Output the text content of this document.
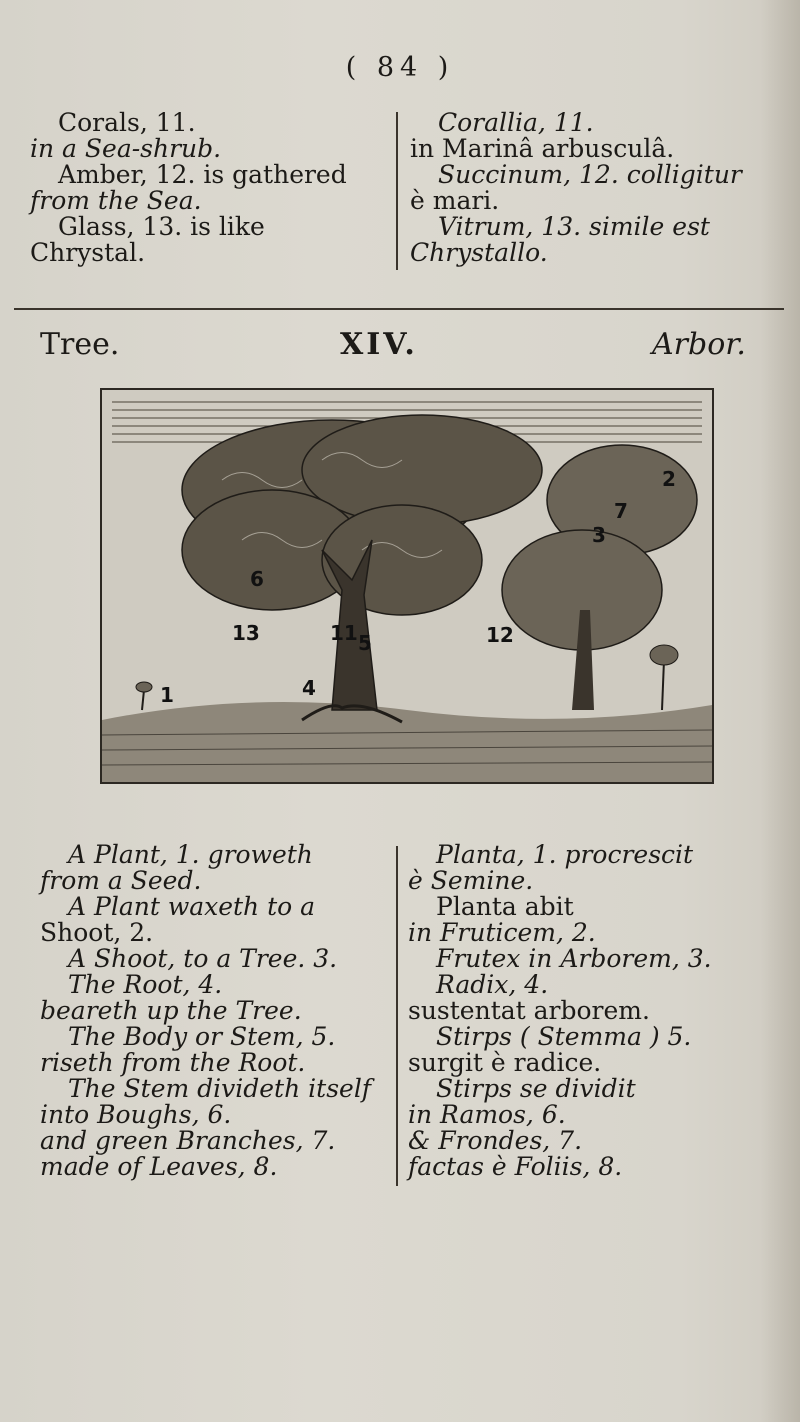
( 84 )

Corals, 11.

in a Sea-shrub.

Amber, 12. is gathered

from the Sea.

Glass, 13. is like

Chrystal.

Corallia, 11.

in Marinâ arbusculâ.

Succinum, 12. colligitur

è mari.

Vitrum, 13. simile est

Chrystallo.

Tree.	XIV.	Arbor.
1
2
3
4
5
6
7
11	12
13

A Plant, 1. groweth

from a Seed.

A Plant waxeth to a

Shoot, 2.

A Shoot, to a Tree. 3.

The Root, 4.

beareth up the Tree.

The Body or Stem, 5.

riseth from the Root.

The Stem divideth itself

into Boughs, 6.

and green Branches, 7.

made of Leaves, 8.

Planta, 1. procrescit

è Semine.

Planta abit

in Fruticem, 2.

Frutex in Arborem, 3.

Radix, 4.

sustentat arborem.

Stirps ( Stemma ) 5.

surgit è radice.

Stirps se dividit

in Ramos, 6.

& Frondes, 7.

factas è Foliis, 8.
